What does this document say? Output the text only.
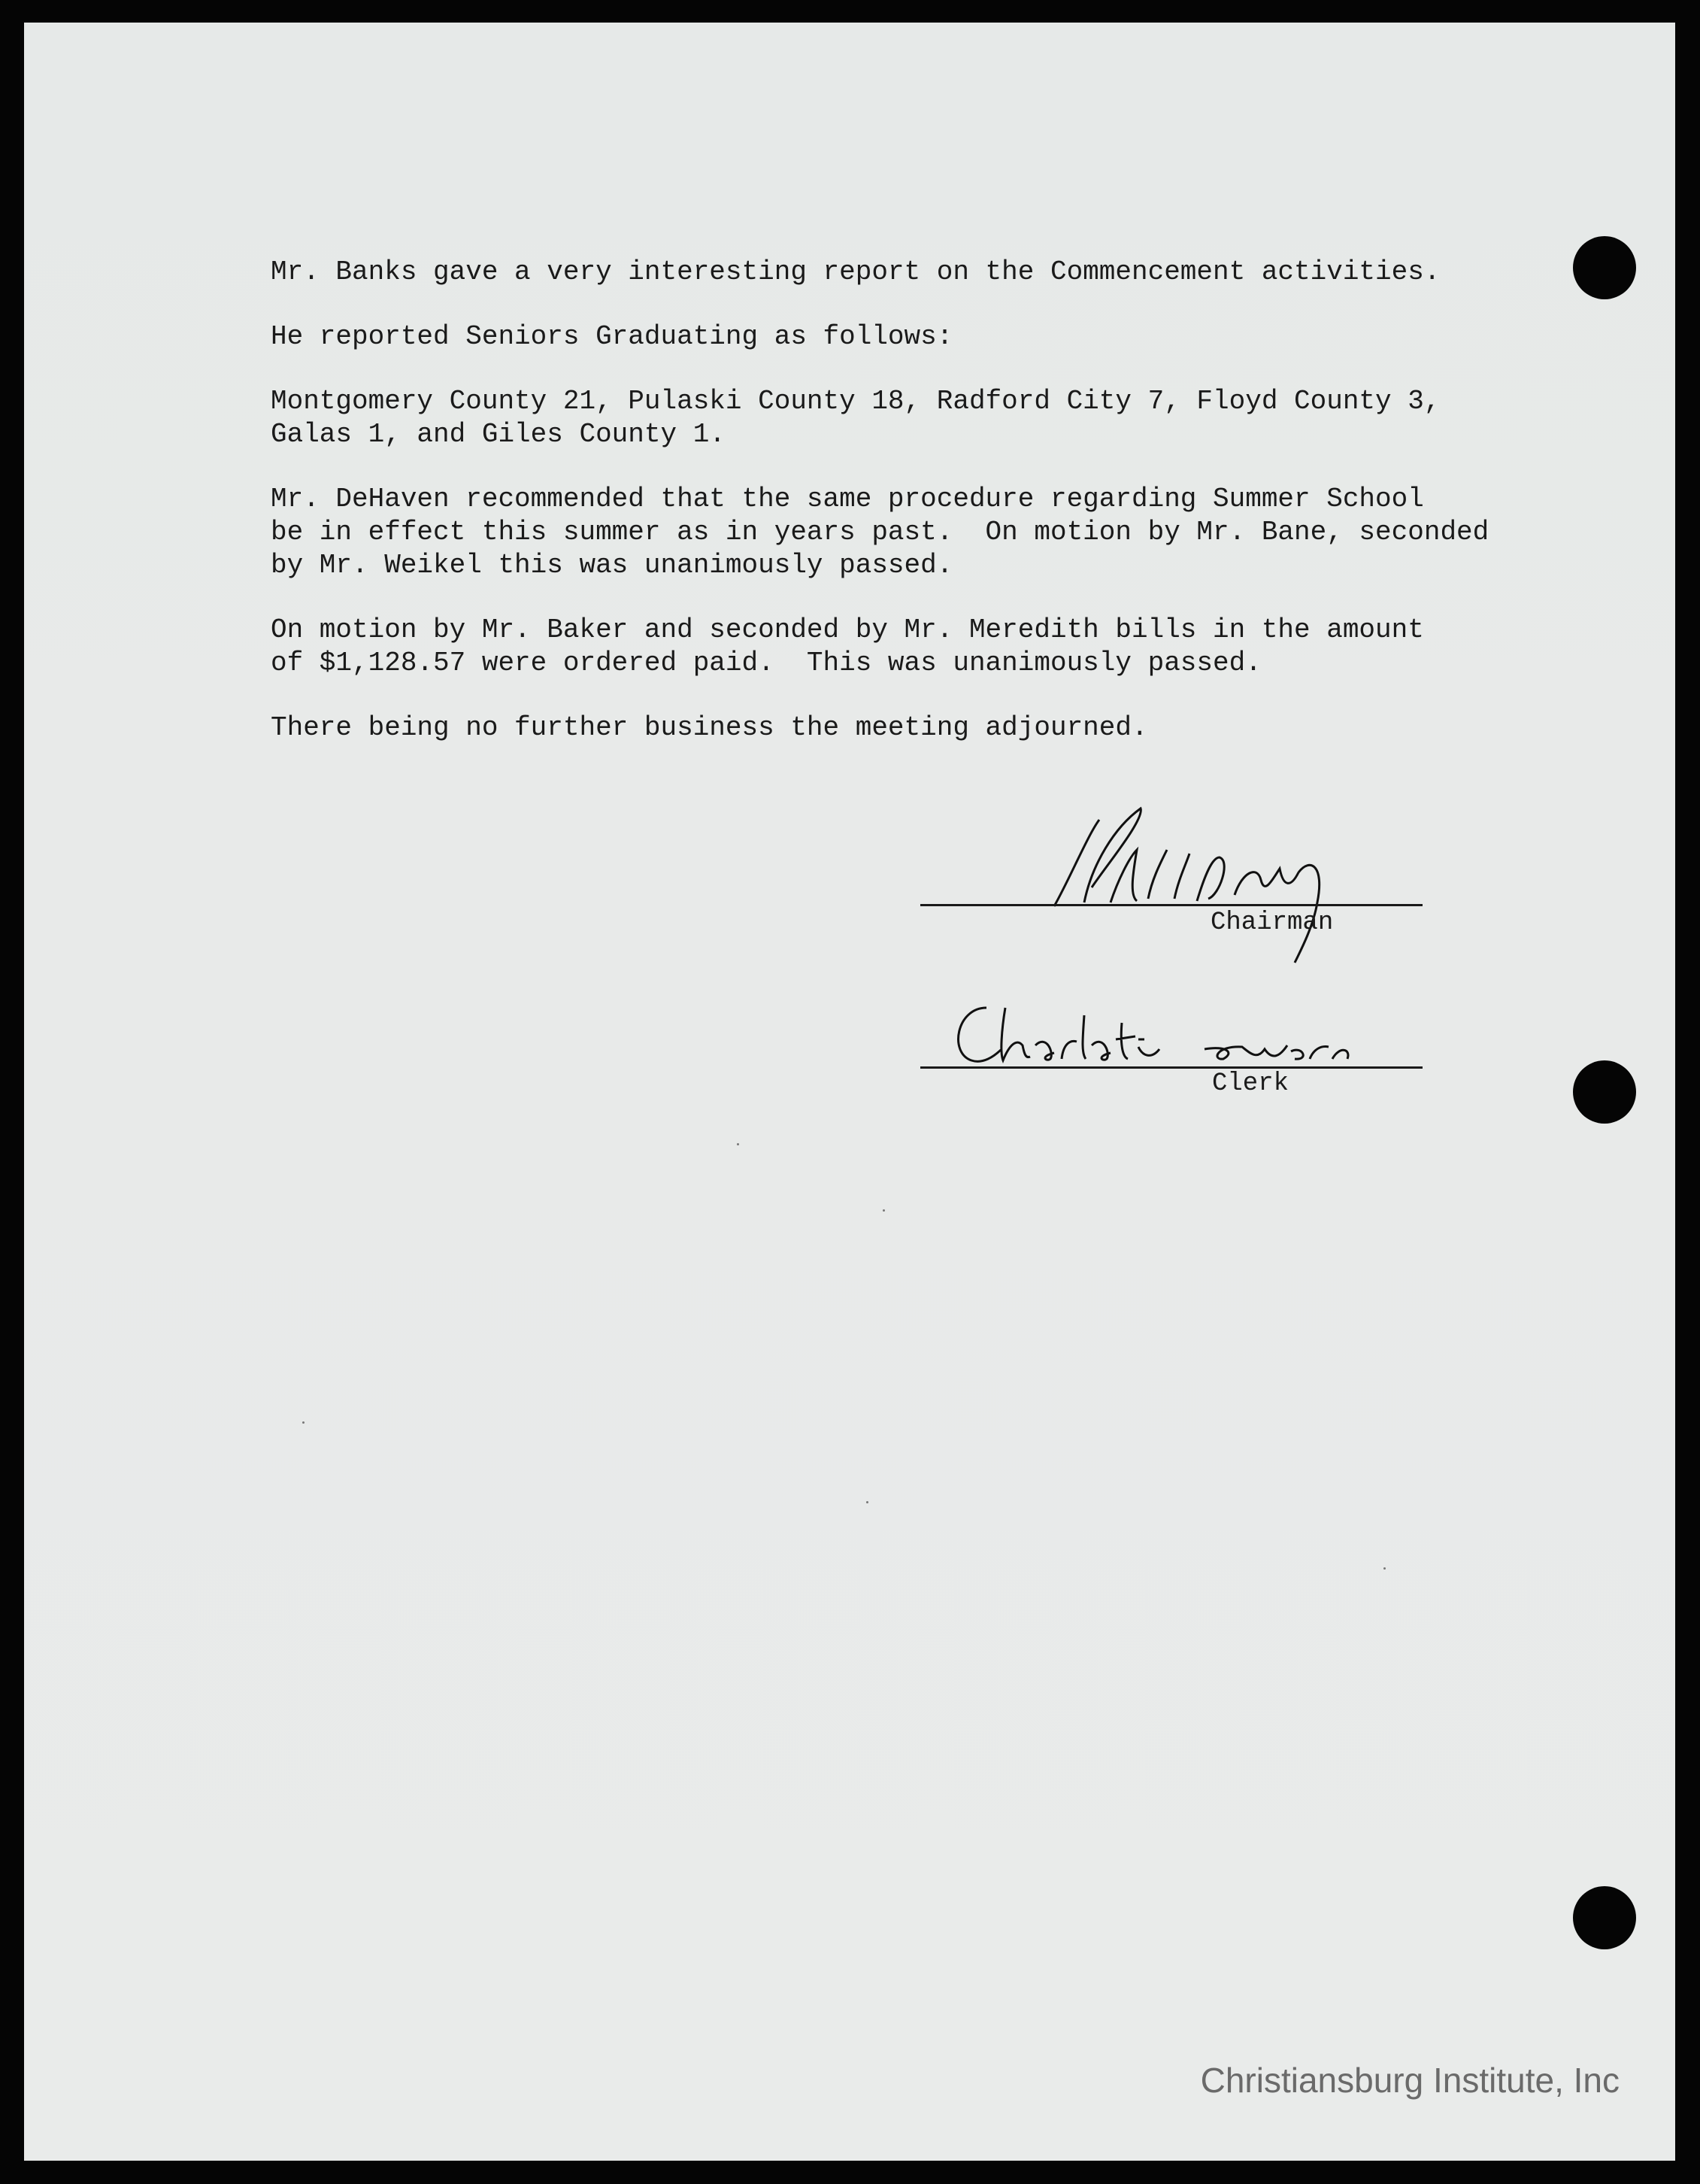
Mr. Banks gave a very interesting report on the Commencement activities.

He reported Seniors Graduating as follows:

Montgomery County 21, Pulaski County 18, Radford City 7, Floyd County 3,
Galas 1, and Giles County 1.

Mr. DeHaven recommended that the same procedure regarding Summer School
be in effect this summer as in years past.  On motion by Mr. Bane, seconded
by Mr. Weikel this was unanimously passed.

On motion by Mr. Baker and seconded by Mr. Meredith bills in the amount
of $1,128.57 were ordered paid.  This was unanimously passed.

There being no further business the meeting adjourned.

Chairman
Clerk
Christiansburg Institute, Inc
